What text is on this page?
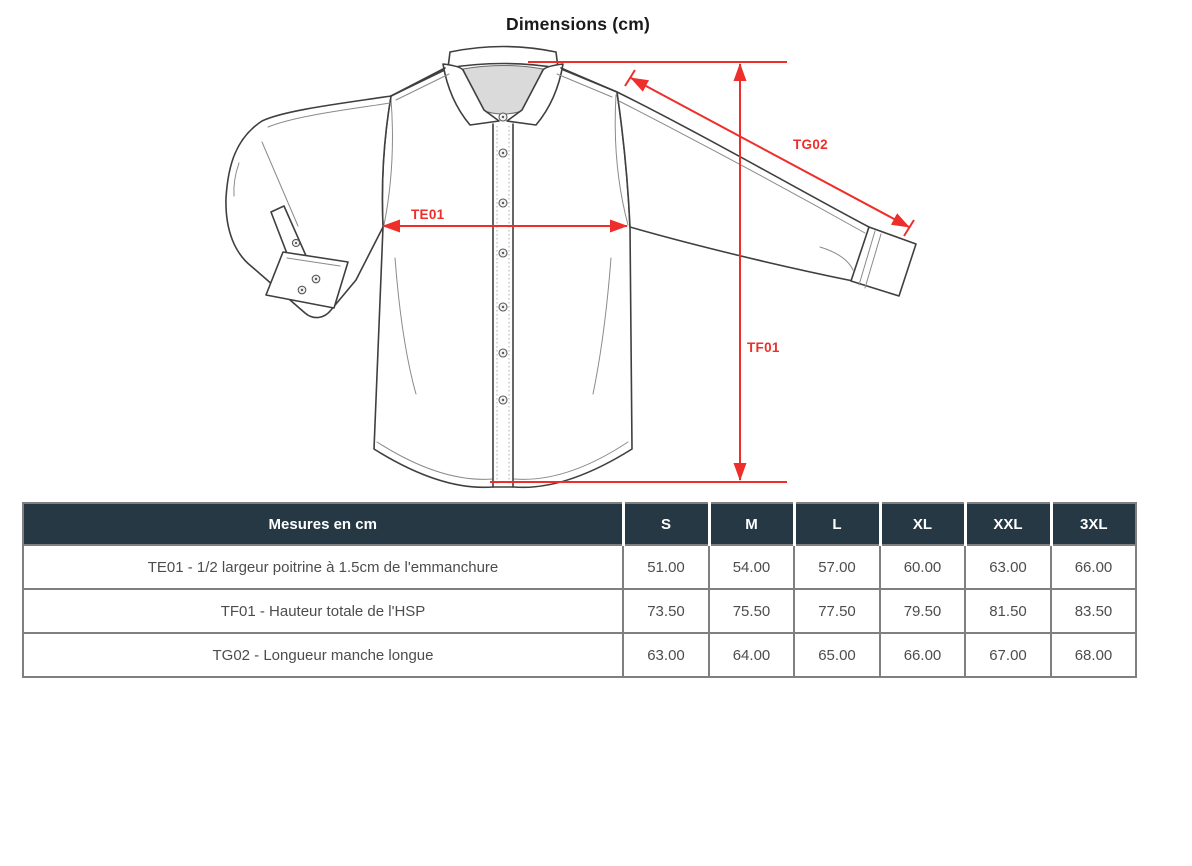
Dimensions (cm)
TE01
TF01
TG02
Mesures en cm	S	M	L	XL	XXL	3XL
TE01 - 1/2 largeur poitrine à 1.5cm de l'emmanchure	51.00	54.00	57.00	60.00	63.00	66.00
TF01 - Hauteur totale de l'HSP	73.50	75.50	77.50	79.50	81.50	83.50
TG02 - Longueur manche longue	63.00	64.00	65.00	66.00	67.00	68.00
